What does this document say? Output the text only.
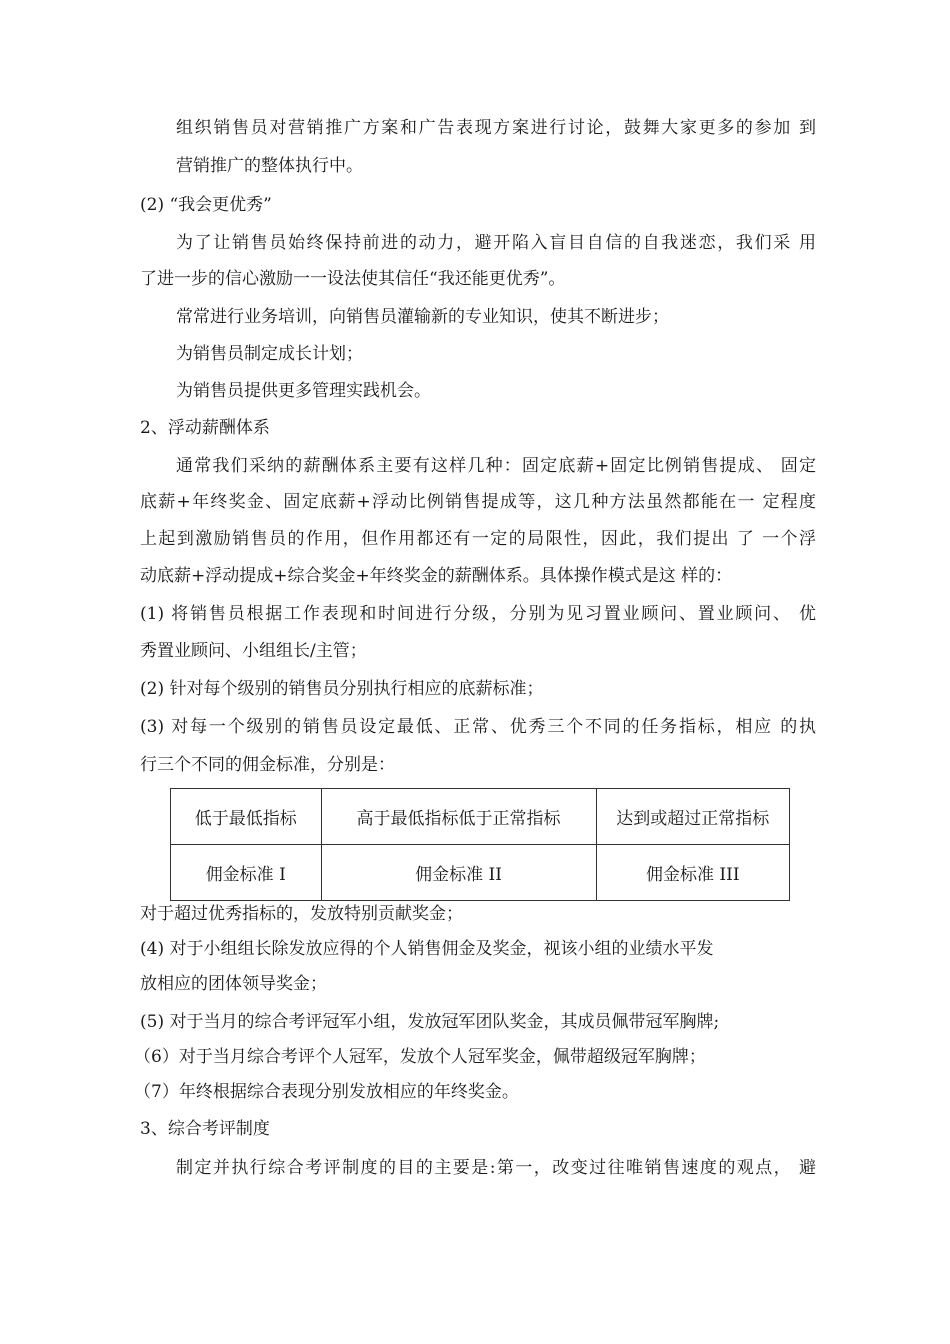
组织销售员对营销推广方案和广告表现方案进行讨论，鼓舞大家更多的参加 到
营销推广的整体执行中。
(2) “我会更优秀”
为了让销售员始终保持前进的动力，避开陷入盲目自信的自我迷恋，我们采 用
了进一步的信心激励一一设法使其信任“我还能更优秀”。
常常进行业务培训，向销售员灌输新的专业知识，使其不断进步；
为销售员制定成长计划；
为销售员提供更多管理实践机会。
2、浮动薪酬体系
通常我们采纳的薪酬体系主要有这样几种：固定底薪+固定比例销售提成、 固定
底薪+年终奖金、固定底薪+浮动比例销售提成等，这几种方法虽然都能在一 定程度
上起到激励销售员的作用，但作用都还有一定的局限性，因此，我们提出 了 一个浮
动底薪+浮动提成+综合奖金+年终奖金的薪酬体系。具体操作模式是这 样的：
(1) 将销售员根据工作表现和时间进行分级，分别为见习置业顾问、置业顾问、 优
秀置业顾问、小组组长/主管；
(2) 针对每个级别的销售员分别执行相应的底薪标准；
(3) 对每一个级别的销售员设定最低、正常、优秀三个不同的任务指标，相应 的执
行三个不同的佣金标准，分别是：
低于最低指标	高于最低指标低于正常指标	达到或超过正常指标
佣金标准 I	佣金标准 II	佣金标准 III
对于超过优秀指标的，发放特别贡献奖金；
(4) 对于小组组长除发放应得的个人销售佣金及奖金，视该小组的业绩水平发
放相应的团体领导奖金；
(5) 对于当月的综合考评冠军小组，发放冠军团队奖金，其成员佩带冠军胸牌;
（6）对于当月综合考评个人冠军，发放个人冠军奖金，佩带超级冠军胸牌；
（7）年终根据综合表现分别发放相应的年终奖金。
3、综合考评制度
制定并执行综合考评制度的目的主要是:第一，改变过往唯销售速度的观点， 避
